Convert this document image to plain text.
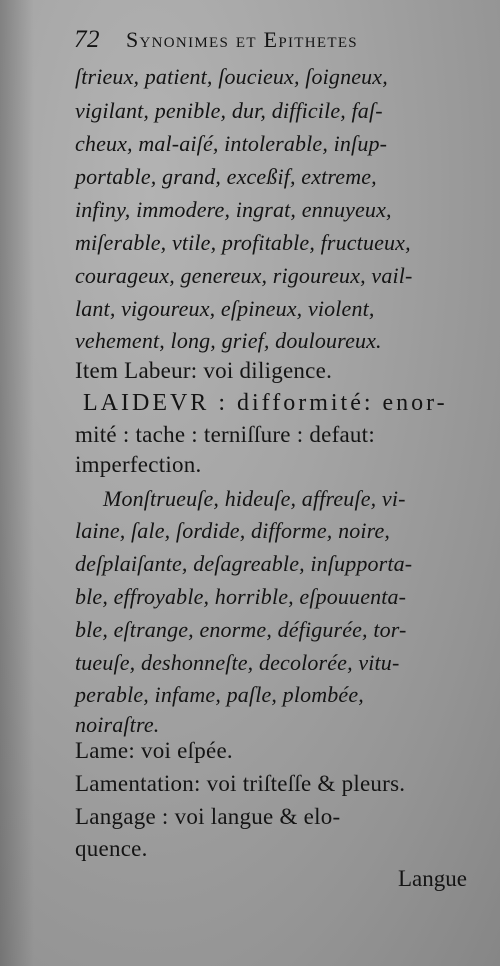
72 Synonimes et Epithetes
ſtrieux, patient, ſoucieux, ſoigneux,
vigilant, penible, dur, difficile, faſ-
cheux, mal-aiſé, intolerable, inſup-
portable, grand, exceßif, extreme,
infiny, immodere, ingrat, ennuyeux,
miſerable, vtile, profitable, fructueux,
courageux, genereux, rigoureux, vail-
lant, vigoureux, eſpineux, violent,
vehement, long, grief, douloureux.
Item Labeur: voi diligence.
LAIDEVR : difformité: enor-
mité : tache : terniſſure : defaut:
imperfection.
Monſtrueuſe, hideuſe, affreuſe, vi-
laine, ſale, ſordide, difforme, noire,
deſplaiſante, deſagreable, inſupporta-
ble, effroyable, horrible, eſpouuenta-
ble, eſtrange, enorme, défigurée, tor-
tueuſe, deshonneſte, decolorée, vitu-
perable, infame, paſle, plombée,
noiraſtre.
Lame: voi eſpée.
Lamentation: voi triſteſſe & pleurs.
Langage : voi langue & elo-
quence.
Langue
